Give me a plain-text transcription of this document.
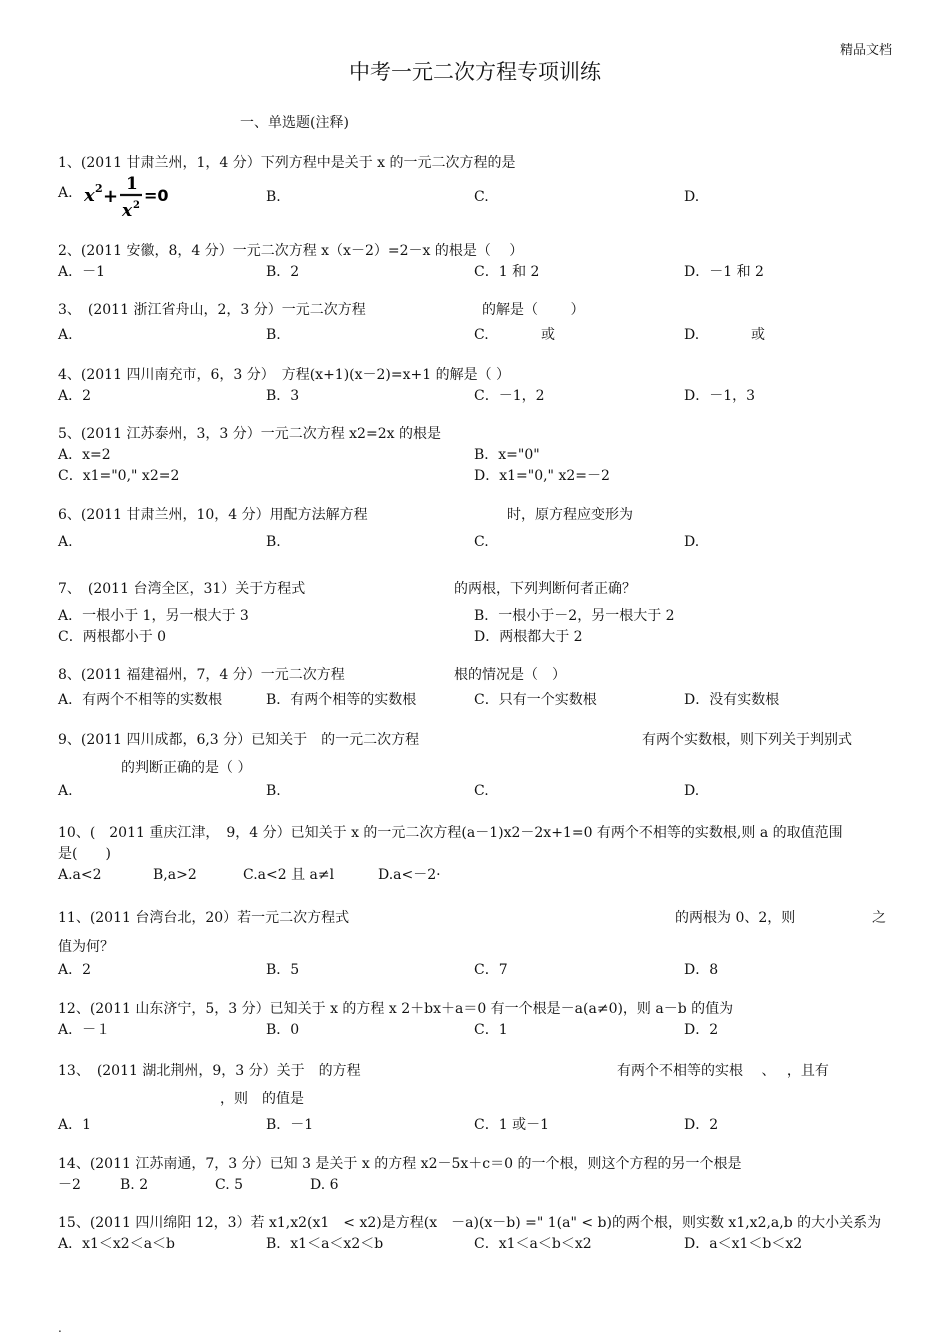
精品文档
中考一元二次方程专项训练
一、单选题(注释)
1、(2011 甘肃兰州，1，4 分）下列方程中是关于 x 的一元二次方程的是
A.	B.	C.	D.
2、(2011 安徽，8，4 分）一元二次方程 x（x－2）=2－x 的根是（　 ）
A．－1	B．2	C．1 和 2	D．－1 和 2
3、　(2011 浙江省舟山，2，3 分）一元二次方程	的解是（　　 ）
A.	B.	C.	或	D.	或
4、(2011 四川南充市，6，3 分）　方程(x+1)(x－2)=x+1 的解是（ ）
A．2	B．3	C．－1，2	D．－1，3
5、(2011 江苏泰州，3，3 分）一元二次方程 x2=2x 的根是
A．x=2	B．x="0"
C．x1="0," x2=2	D．x1="0," x2=－2
6、(2011 甘肃兰州，10，4 分）用配方法解方程	时，原方程应变形为
A.	B.	C.	D.
7、　(2011 台湾全区，31）关于方程式	的两根，下列判断何者正确？
A．一根小于 1，另一根大于 3	B．一根小于－2，另一根大于 2
C．两根都小于 0	D．两根都大于 2
8、(2011 福建福州，7，4 分）一元二次方程	根的情况是（　）
A．有两个不相等的实数根	B．有两个相等的实数根	C．只有一个实数根	D．没有实数根
9、(2011 四川成都，6,3 分）已知关于　的一元二次方程	有两个实数根，则下列关于判别式
的判断正确的是（ ）
A.	B.	C.	D.
10、(　2011 重庆江津，　9，4 分）已知关于 x 的一元二次方程(a－1)x2－2x+1=0 有两个不相等的实数根,则 a 的取值范围
是(　　)
A.a<2	B,a>2	C.a<2 且 a≠l	D.a<－2·
11、(2011 台湾台北，20）若一元二次方程式	的两根为 0、2，则	之
值为何？
A．2	B．5	C．7	D．8
12、(2011 山东济宁，5，3 分）已知关于 x 的方程 x 2＋bx＋a＝0 有一个根是－a(a≠0)，则 a－b 的值为
A．－１	B．0	C．1	D．2
13、　(2011 湖北荆州，9，3 分）关于　的方程	有两个不相等的实根　 、　 ，且有
，则　的值是
A．1	B．－1	C．1 或－1	D．2
14、(2011 江苏南通，7，3 分）已知 3 是关于 x 的方程 x2－5x＋c＝0 的一个根，则这个方程的另一个根是
－2	B. 2	C. 5	D. 6
15、(2011 四川绵阳 12，3）若 x1,x2(x1　< x2)是方程(x　－a)(x－b) =" 1(a" < b)的两个根，则实数 x1,x2,a,b 的大小关系为
A．x1＜x2＜a＜b	B．x1＜a＜x2＜b	C．x1＜a＜b＜x2	D．a＜x1＜b＜x2
x 2 +
1
x 2
=0
.
